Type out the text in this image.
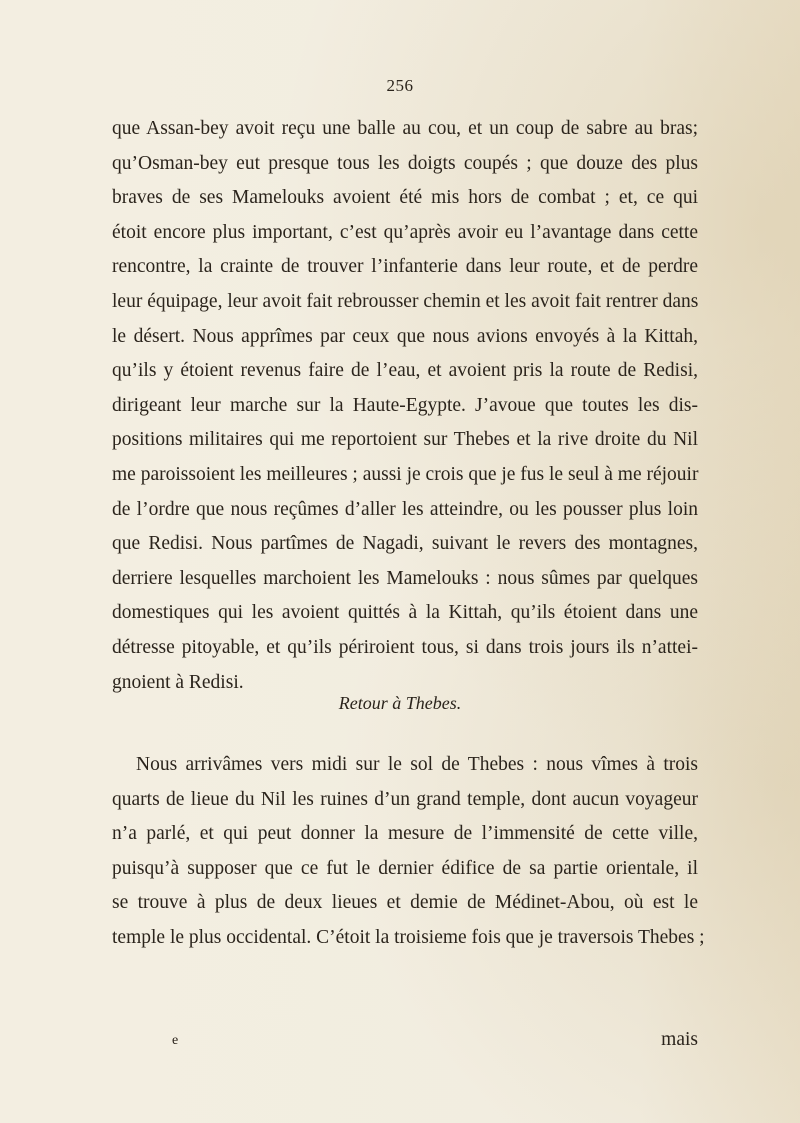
256
que Assan-bey avoit reçu une balle au cou, et un coup de sabre au bras;
qu’Osman-bey eut presque tous les doigts coupés ; que douze des plus
braves de ses Mamelouks avoient été mis hors de combat ; et, ce qui
étoit encore plus important, c’est qu’après avoir eu l’avantage dans cette
rencontre, la crainte de trouver l’infanterie dans leur route, et de perdre
leur équipage, leur avoit fait rebrousser chemin et les avoit fait rentrer dans
le désert. Nous apprîmes par ceux que nous avions envoyés à la Kittah,
qu’ils y étoient revenus faire de l’eau, et avoient pris la route de Redisi,
dirigeant leur marche sur la Haute-Egypte. J’avoue que toutes les dis-
positions militaires qui me reportoient sur Thebes et la rive droite du Nil
me paroissoient les meilleures ; aussi je crois que je fus le seul à me réjouir
de l’ordre que nous reçûmes d’aller les atteindre, ou les pousser plus loin
que Redisi. Nous partîmes de Nagadi, suivant le revers des montagnes,
derriere lesquelles marchoient les Mamelouks : nous sûmes par quelques
domestiques qui les avoient quittés à la Kittah, qu’ils étoient dans une
détresse pitoyable, et qu’ils périroient tous, si dans trois jours ils n’attei-
gnoient à Redisi.
Retour à Thebes.
Nous arrivâmes vers midi sur le sol de Thebes : nous vîmes à trois
quarts de lieue du Nil les ruines d’un grand temple, dont aucun voyageur
n’a parlé, et qui peut donner la mesure de l’immensité de cette ville,
puisqu’à supposer que ce fut le dernier édifice de sa partie orientale, il
se trouve à plus de deux lieues et demie de Médinet-Abou, où est le
temple le plus occidental. C’étoit la troisieme fois que je traversois Thebes ;
e	mais
